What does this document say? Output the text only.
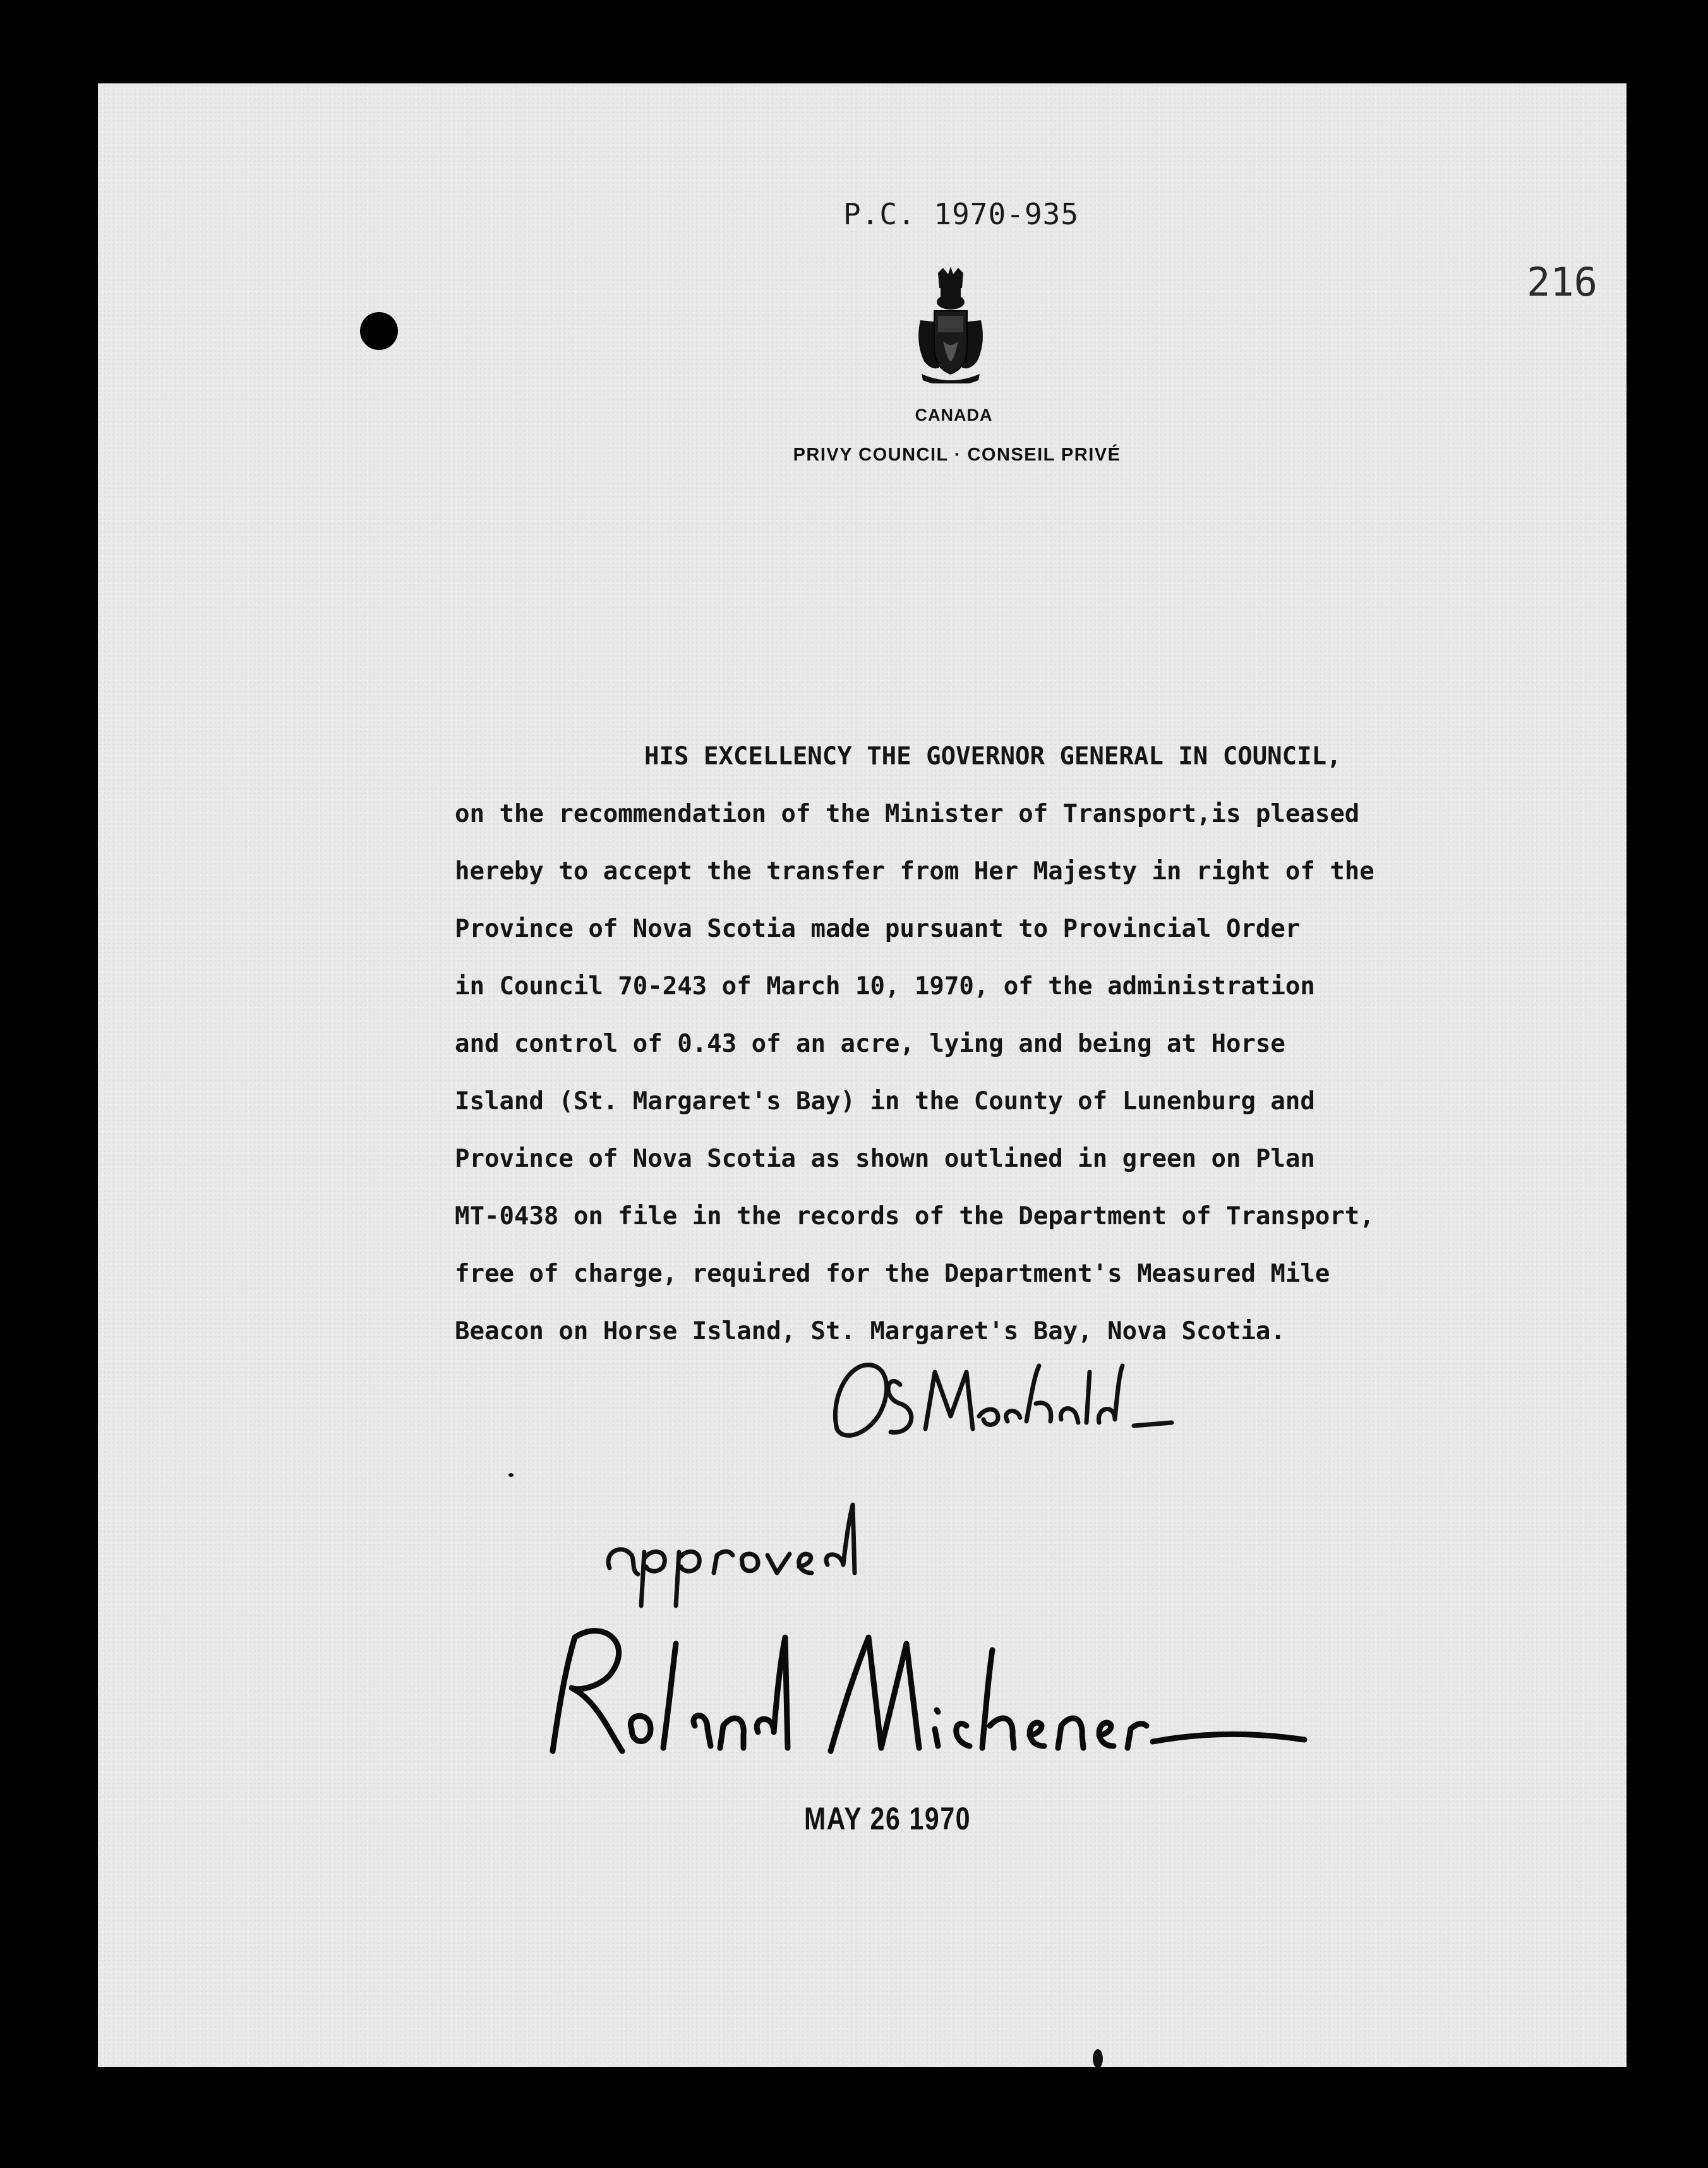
P.C. 1970-935
216
CANADA
PRIVY COUNCIL · CONSEIL PRIVÉ
HIS EXCELLENCY THE GOVERNOR GENERAL IN COUNCIL,
on the recommendation of the Minister of Transport,is pleased
hereby to accept the transfer from Her Majesty in right of the
Province of Nova Scotia made pursuant to Provincial Order
in Council 70-243 of March 10, 1970, of the administration
and control of 0.43 of an acre, lying and being at Horse
Island (St. Margaret's Bay) in the County of Lunenburg and
Province of Nova Scotia as shown outlined in green on Plan
MT-0438 on file in the records of the Department of Transport,
free of charge, required for the Department's Measured Mile
Beacon on Horse Island, St. Margaret's Bay, Nova Scotia.
MAY 26 1970
